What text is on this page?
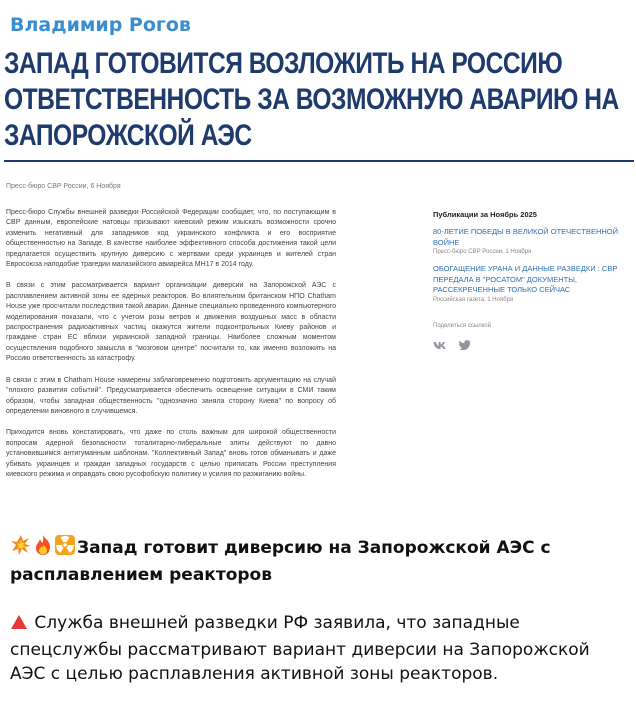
Владимир Рогов
ЗАПАД ГОТОВИТСЯ ВОЗЛОЖИТЬ НА РОССИЮ
ОТВЕТСТВЕННОСТЬ ЗА ВОЗМОЖНУЮ АВАРИЮ НА
ЗАПОРОЖСКОЙ АЭС
Пресс-бюро СВР России, 6 Ноября

Пресс-бюро Службы внешней разведки Российской Федерации сообщает, что, по поступающим в СВР данным, европейские натовцы призывают киевский режим изыскать возможности срочно изменить негативный для западников ход украинского конфликта и его восприятие общественностью на Западе. В качестве наиболее эффективного способа достижения такой цели предлагается осуществить крупную диверсию с жертвами среди украинцев и жителей стран Евросоюза наподобие трагедии малазийского авиарейса МН17 в 2014 году.

В связи с этим рассматривается вариант организации диверсии на Запорожской АЭС с расплавлением активной зоны ее ядерных реакторов. Во влиятельном британском НПО Chatham House уже просчитали последствия такой аварии. Данные специально проведенного компьютерного моделирования показали, что с учетом розы ветров и движения воздушных масс в области распространения радиоактивных частиц окажутся жители подконтрольных Киеву районов и граждане стран ЕС вблизи украинской западной границы. Наиболее сложным моментом осуществления подобного замысла в "мозговом центре" посчитали то, как именно возложить на Россию ответственность за катастрофу.

В связи с этим в Chatham House намерены заблаговременно подготовить аргументацию на случай "плохого развития событий". Предусматривается обеспечить освещение ситуации в СМИ таким образом, чтобы западная общественность "однозначно заняла сторону Киева" по вопросу об определении виновного в случившемся.

Приходится вновь констатировать, что даже по столь важным для широкой общественности вопросам ядерной безопасности тоталитарно-либеральные элиты действуют по давно установившимся антигуманным шаблонам. "Коллективный Запад" вновь готов обманывать и даже убивать украинцев и граждан западных государств с целью приписать России преступления киевского режима и оправдать свою русофобскую политику и усилия по разжиганию войны.

Публикации за Ноябрь 2025
80-ЛЕТИЕ ПОБЕДЫ В ВЕЛИКОЙ ОТЕЧЕСТВЕННОЙ ВОЙНЕ
Пресс-бюро СВР России, 1 Ноября
ОБОГАЩЕНИЕ УРАНА И ДАННЫЕ РАЗВЕДКИ : СВР ПЕРЕДАЛА В "РОСАТОМ" ДОКУМЕНТЫ, РАССЕКРЕЧЕННЫЕ ТОЛЬКО СЕЙЧАС
Российская газета, 1 Ноября
Поделиться ссылкой
Запад готовит диверсию на Запорожской АЭС с расплавлением реакторов
Служба внешней разведки РФ заявила, что западные спецслужбы рассматривают вариант диверсии на Запорожской АЭС с целью расплавления активной зоны реакторов.
